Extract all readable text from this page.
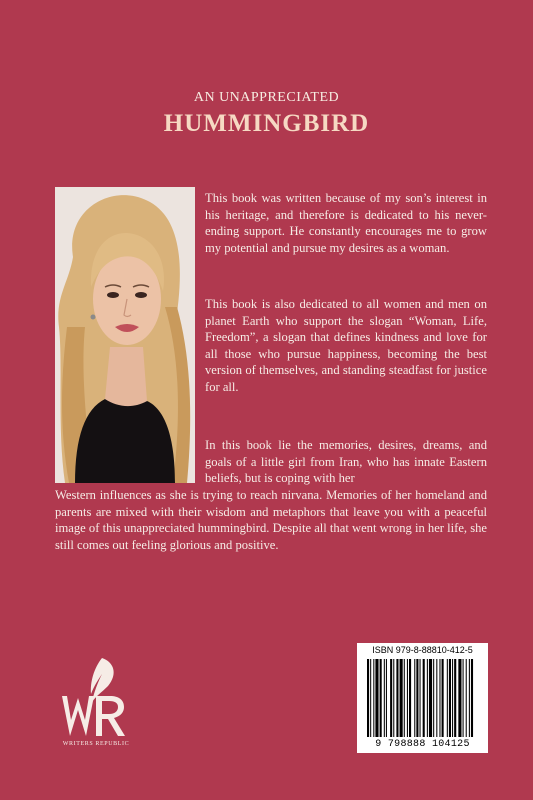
AN UNAPPRECIATED
HUMMINGBIRD

This book was written because of my son’s interest in his heritage, and therefore is dedicated to his never-ending support. He constantly encourages me to grow my potential and pursue my desires as a woman.

This book is also dedicated to all women and men on planet Earth who support the slogan “Woman, Life, Freedom”, a slogan that defines kindness and love for all those who pursue happiness, becoming the best version of themselves, and standing steadfast for justice for all.

In this book lie the memories, desires, dreams, and goals of a little girl from Iran, who has innate Eastern beliefs, but is coping with her

Western influences as she is trying to reach nirvana. Memories of her homeland and parents are mixed with their wisdom and metaphors that leave you with a peaceful image of this unappreciated hummingbird. Despite all that went wrong in her life, she still comes out feeling glorious and positive.

WRITERS REPUBLIC
ISBN 979-8-88810-412-5
9 798888 104125
